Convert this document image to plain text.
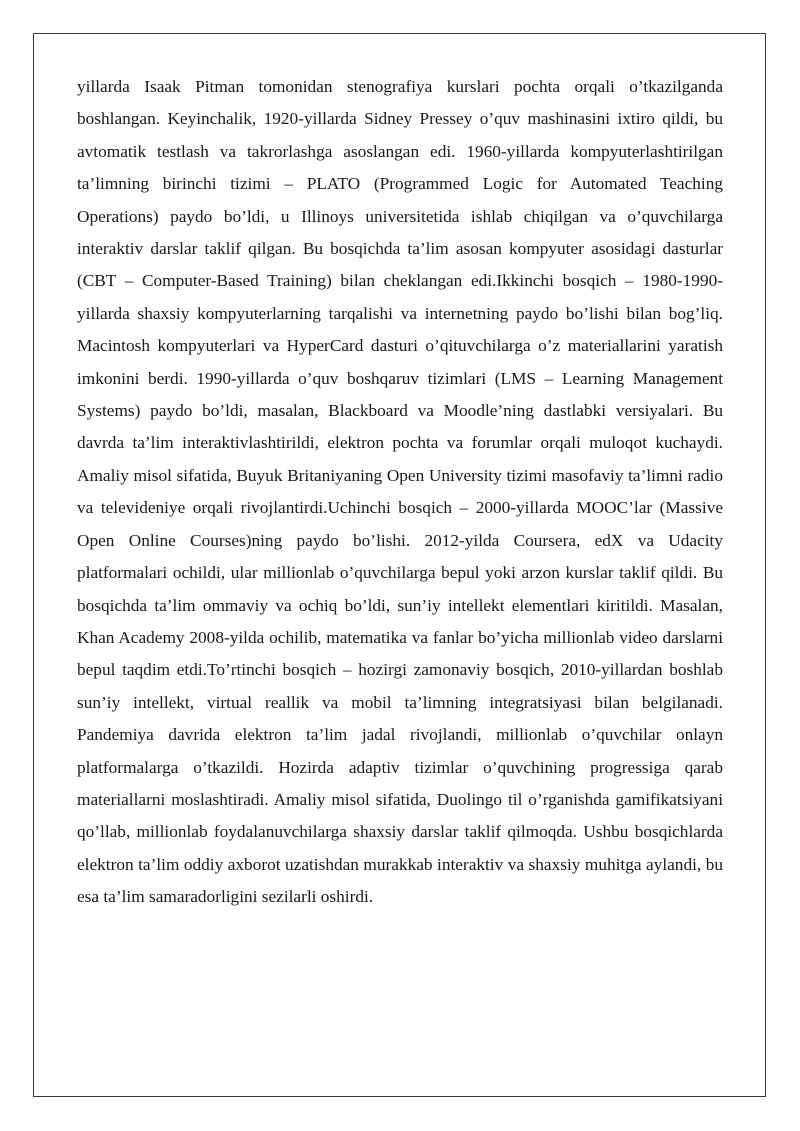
yillarda Isaak Pitman tomonidan stenografiya kurslari pochta orqali o’tkazilganda boshlangan. Keyinchalik, 1920-yillarda Sidney Pressey o’quv mashinasini ixtiro qildi, bu avtomatik testlash va takrorlashga asoslangan edi. 1960-yillarda kompyuterlashtirilgan ta’limning birinchi tizimi – PLATO (Programmed Logic for Automated Teaching Operations) paydo bo’ldi, u Illinoys universitetida ishlab chiqilgan va o’quvchilarga interaktiv darslar taklif qilgan. Bu bosqichda ta’lim asosan kompyuter asosidagi dasturlar (CBT – Computer-Based Training) bilan cheklangan edi.Ikkinchi bosqich – 1980-1990-yillarda shaxsiy kompyuterlarning tarqalishi va internetning paydo bo’lishi bilan bog’liq. Macintosh kompyuterlari va HyperCard dasturi o’qituvchilarga o’z materiallarini yaratish imkonini berdi. 1990-yillarda o’quv boshqaruv tizimlari (LMS – Learning Management Systems) paydo bo’ldi, masalan, Blackboard va Moodle’ning dastlabki versiyalari. Bu davrda ta’lim interaktivlashtirildi, elektron pochta va forumlar orqali muloqot kuchaydi. Amaliy misol sifatida, Buyuk Britaniyaning Open University tizimi masofaviy ta’limni radio va televideniye orqali rivojlantirdi.Uchinchi bosqich – 2000-yillarda MOOC’lar (Massive Open Online Courses)ning paydo bo’lishi. 2012-yilda Coursera, edX va Udacity platformalari ochildi, ular millionlab o’quvchilarga bepul yoki arzon kurslar taklif qildi. Bu bosqichda ta’lim ommaviy va ochiq bo’ldi, sun’iy intellekt elementlari kiritildi. Masalan, Khan Academy 2008-yilda ochilib, matematika va fanlar bo’yicha millionlab video darslarni bepul taqdim etdi.To’rtinchi bosqich – hozirgi zamonaviy bosqich, 2010-yillardan boshlab sun’iy intellekt, virtual reallik va mobil ta’limning integratsiyasi bilan belgilanadi. Pandemiya davrida elektron ta’lim jadal rivojlandi, millionlab o’quvchilar onlayn platformalarga o’tkazildi. Hozirda adaptiv tizimlar o’quvchining progressiga qarab materiallarni moslashtiradi. Amaliy misol sifatida, Duolingo til o’rganishda gamifikatsiyani qo’llab, millionlab foydalanuvchilarga shaxsiy darslar taklif qilmoqda. Ushbu bosqichlarda elektron ta’lim oddiy axborot uzatishdan murakkab interaktiv va shaxsiy muhitga aylandi, bu esa ta’lim samaradorligini sezilarli oshirdi.
